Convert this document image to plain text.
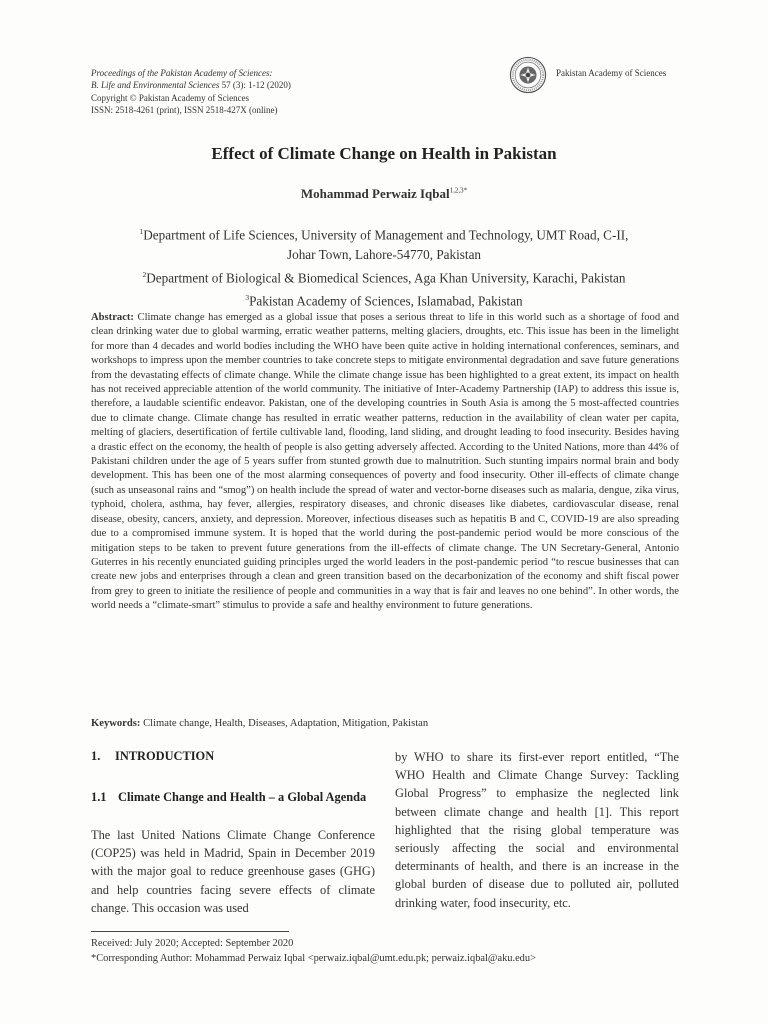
Proceedings of the Pakistan Academy of Sciences:
B. Life and Environmental Sciences 57 (3): 1-12 (2020)
Copyright © Pakistan Academy of Sciences
ISSN: 2518-4261 (print), ISSN 2518-427X (online)
Pakistan Academy of Sciences
Effect of Climate Change on Health in Pakistan
Mohammad Perwaiz Iqbal$^{1,2,3*}$
$^1$Department of Life Sciences, University of Management and Technology, UMT Road, C-II,
Johar Town, Lahore-54770, Pakistan
$^2$Department of Biological & Biomedical Sciences, Aga Khan University, Karachi, Pakistan
$^3$Pakistan Academy of Sciences, Islamabad, Pakistan
Abstract: Climate change has emerged as a global issue that poses a serious threat to life in this world such as a shortage of food and clean drinking water due to global warming, erratic weather patterns, melting glaciers, droughts, etc. This issue has been in the limelight for more than 4 decades and world bodies including the WHO have been quite active in holding international conferences, seminars, and workshops to impress upon the member countries to take concrete steps to mitigate environmental degradation and save future generations from the devastating effects of climate change. While the climate change issue has been highlighted to a great extent, its impact on health has not received appreciable attention of the world community. The initiative of Inter-Academy Partnership (IAP) to address this issue is, therefore, a laudable scientific endeavor. Pakistan, one of the developing countries in South Asia is among the 5 most-affected countries due to climate change. Climate change has resulted in erratic weather patterns, reduction in the availability of clean water per capita, melting of glaciers, desertification of fertile cultivable land, flooding, land sliding, and drought leading to food insecurity. Besides having a drastic effect on the economy, the health of people is also getting adversely affected. According to the United Nations, more than 44% of Pakistani children under the age of 5 years suffer from stunted growth due to malnutrition. Such stunting impairs normal brain and body development. This has been one of the most alarming consequences of poverty and food insecurity. Other ill-effects of climate change (such as unseasonal rains and “smog”) on health include the spread of water and vector-borne diseases such as malaria, dengue, zika virus, typhoid, cholera, asthma, hay fever, allergies, respiratory diseases, and chronic diseases like diabetes, cardiovascular disease, renal disease, obesity, cancers, anxiety, and depression. Moreover, infectious diseases such as hepatitis B and C, COVID-19 are also spreading due to a compromised immune system. It is hoped that the world during the post-pandemic period would be more conscious of the mitigation steps to be taken to prevent future generations from the ill-effects of climate change. The UN Secretary-General, Antonio Guterres in his recently enunciated guiding principles urged the world leaders in the post-pandemic period “to rescue businesses that can create new jobs and enterprises through a clean and green transition based on the decarbonization of the economy and shift fiscal power from grey to green to initiate the resilience of people and communities in a way that is fair and leaves no one behind”. In other words, the world needs a “climate-smart” stimulus to provide a safe and healthy environment to future generations.
Keywords: Climate change, Health, Diseases, Adaptation, Mitigation, Pakistan
1. INTRODUCTION
1.1 Climate Change and Health – a Global Agenda

The last United Nations Climate Change Conference (COP25) was held in Madrid, Spain in December 2019 with the major goal to reduce greenhouse gases (GHG) and help countries facing severe effects of climate change. This occasion was used

by WHO to share its first-ever report entitled, “The WHO Health and Climate Change Survey: Tackling Global Progress” to emphasize the neglected link between climate change and health [1]. This report highlighted that the rising global temperature was seriously affecting the social and environmental determinants of health, and there is an increase in the global burden of disease due to polluted air, polluted drinking water, food insecurity, etc.

Received: July 2020; Accepted: September 2020
*Corresponding Author: Mohammad Perwaiz Iqbal <perwaiz.iqbal@umt.edu.pk; perwaiz.iqbal@aku.edu>
